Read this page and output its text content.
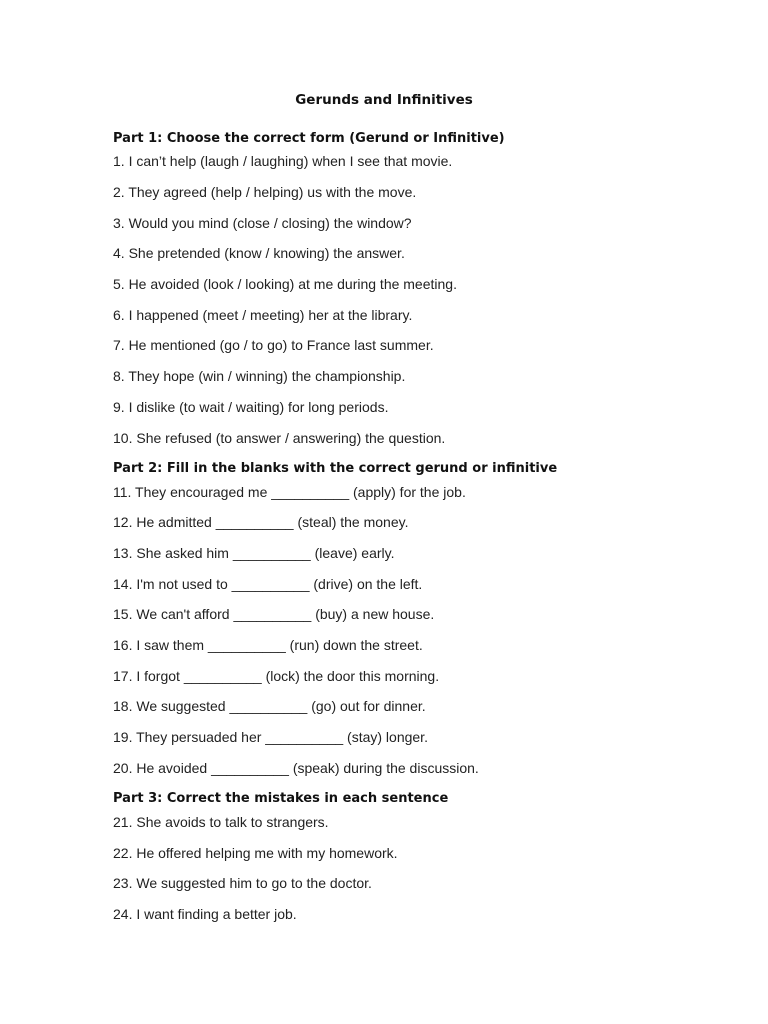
Gerunds and Infinitives
Part 1: Choose the correct form (Gerund or Infinitive)
1. I can’t help (laugh / laughing) when I see that movie.
2. They agreed (help / helping) us with the move.
3. Would you mind (close / closing) the window?
4. She pretended (know / knowing) the answer.
5. He avoided (look / looking) at me during the meeting.
6. I happened (meet / meeting) her at the library.
7. He mentioned (go / to go) to France last summer.
8. They hope (win / winning) the championship.
9. I dislike (to wait / waiting) for long periods.
10. She refused (to answer / answering) the question.
Part 2: Fill in the blanks with the correct gerund or infinitive
11. They encouraged me __________ (apply) for the job.
12. He admitted __________ (steal) the money.
13. She asked him __________ (leave) early.
14. I'm not used to __________ (drive) on the left.
15. We can't afford __________ (buy) a new house.
16. I saw them __________ (run) down the street.
17. I forgot __________ (lock) the door this morning.
18. We suggested __________ (go) out for dinner.
19. They persuaded her __________ (stay) longer.
20. He avoided __________ (speak) during the discussion.
Part 3: Correct the mistakes in each sentence
21. She avoids to talk to strangers.
22. He offered helping me with my homework.
23. We suggested him to go to the doctor.
24. I want finding a better job.
